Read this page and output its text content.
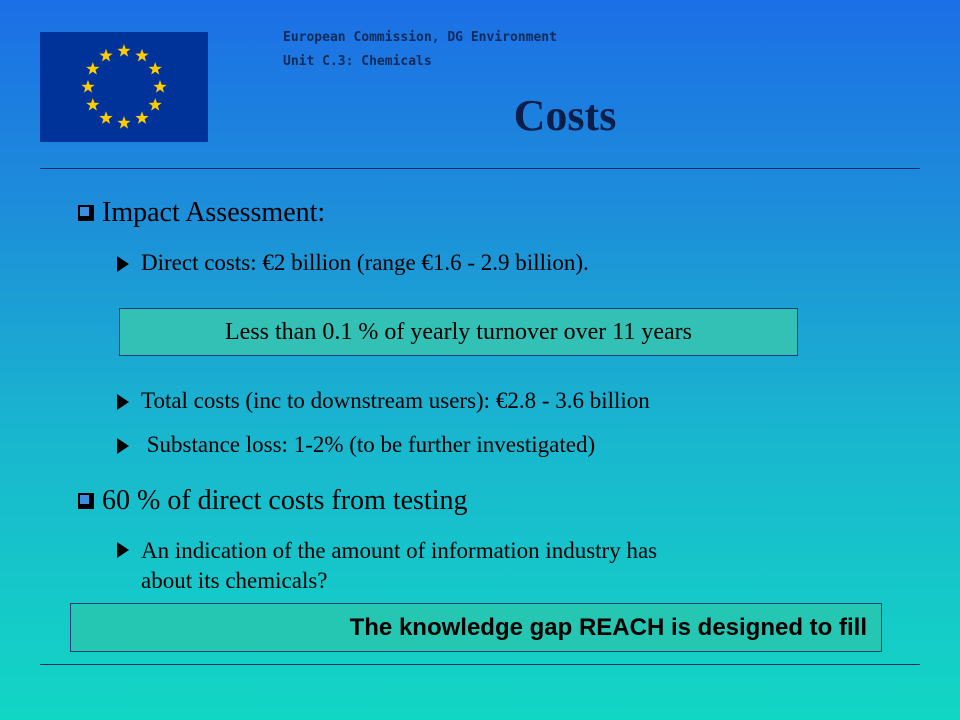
European Commission, DG Environment
Unit C.3: Chemicals
Costs
Impact Assessment:
Direct costs: €2 billion (range €1.6 - 2.9 billion).
Less than 0.1 % of yearly turnover over 11 years
Total costs (inc to downstream users): €2.8 - 3.6 billion
Substance loss: 1-2% (to be further investigated)
60 % of direct costs from testing
An indication of the amount of information industry has
about its chemicals?
The knowledge gap REACH is designed to fill
